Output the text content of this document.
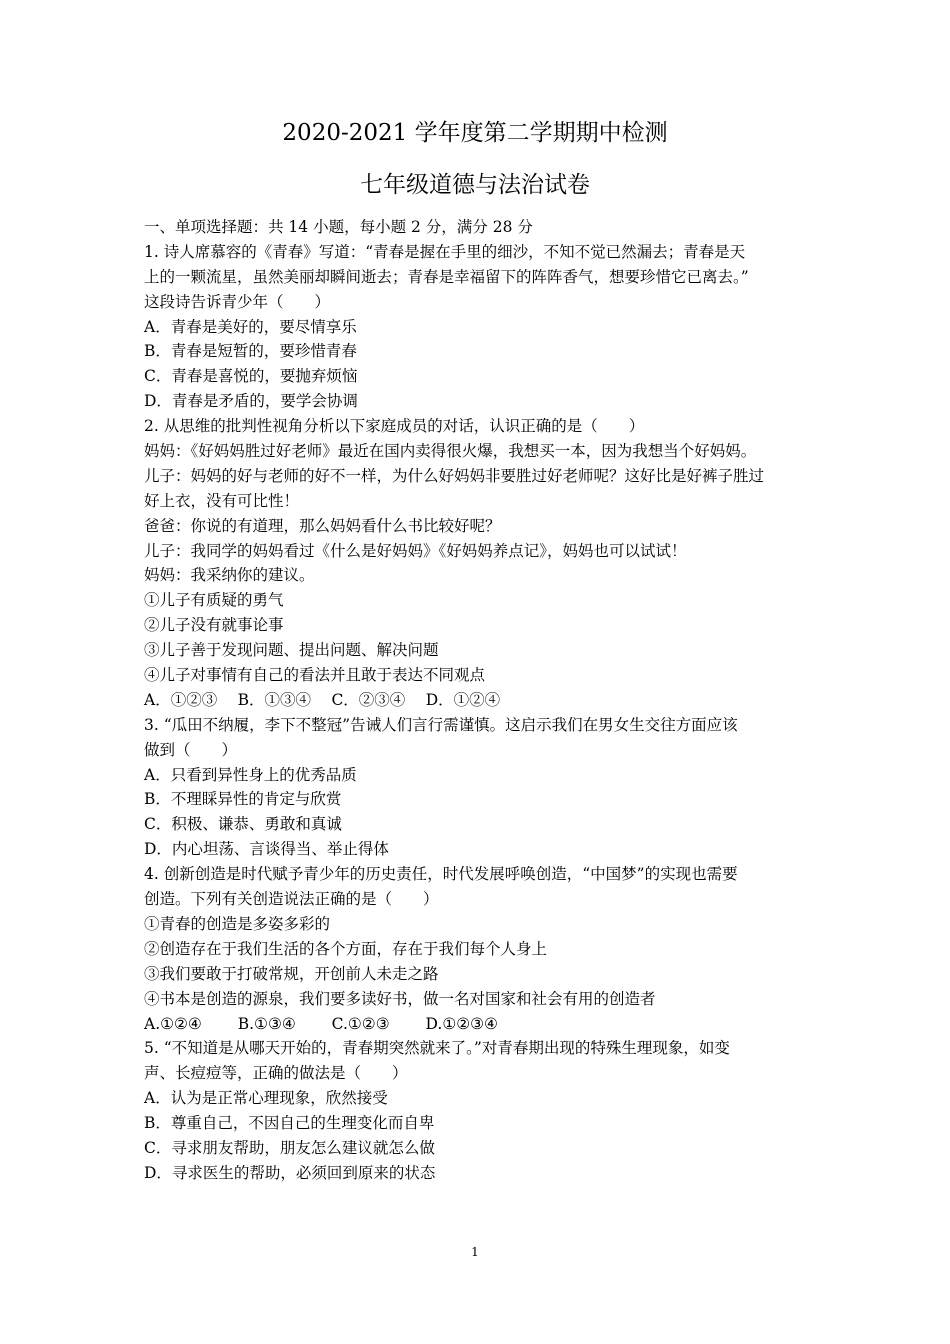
2020-2021 学年度第二学期期中检测
七年级道德与法治试卷
一、单项选择题：共 14 小题，每小题 2 分，满分 28 分
1. 诗人席慕容的《青春》写道：“青春是握在手里的细沙，不知不觉已然漏去；青春是天
上的一颗流星，虽然美丽却瞬间逝去；青春是幸福留下的阵阵香气，想要珍惜它已离去。”
这段诗告诉青少年（　　）
A．青春是美好的，要尽情享乐
B．青春是短暂的，要珍惜青春
C．青春是喜悦的，要抛弃烦恼
D．青春是矛盾的，要学会协调
2. 从思维的批判性视角分析以下家庭成员的对话，认识正确的是（　　）
妈妈：《好妈妈胜过好老师》最近在国内卖得很火爆，我想买一本，因为我想当个好妈妈。
儿子：妈妈的好与老师的好不一样，为什么好妈妈非要胜过好老师呢？这好比是好裤子胜过
好上衣，没有可比性！
爸爸：你说的有道理，那么妈妈看什么书比较好呢？
儿子：我同学的妈妈看过《什么是好妈妈》《好妈妈养点记》，妈妈也可以试试！
妈妈：我采纳你的建议。
①儿子有质疑的勇气
②儿子没有就事论事
③儿子善于发现问题、提出问题、解决问题
④儿子对事情有自己的看法并且敢于表达不同观点
A．①②③　 B．①③④　 C．②③④　 D．①②④
3. “瓜田不纳履，李下不整冠”告诫人们言行需谨慎。这启示我们在男女生交往方面应该
做到（　　）
A．只看到异性身上的优秀品质
B．不理睬异性的肯定与欣赏
C．积极、谦恭、勇敢和真诚
D．内心坦荡、言谈得当、举止得体
4. 创新创造是时代赋予青少年的历史责任，时代发展呼唤创造，“中国梦”的实现也需要
创造。下列有关创造说法正确的是（　　）
①青春的创造是多姿多彩的
②创造存在于我们生活的各个方面，存在于我们每个人身上
③我们要敢于打破常规，开创前人未走之路
④书本是创造的源泉，我们要多读好书，做一名对国家和社会有用的创造者
A.①②④　　 B.①③④　　 C.①②③　　 D.①②③④
5. “不知道是从哪天开始的，青春期突然就来了。”对青春期出现的特殊生理现象，如变
声、长痘痘等，正确的做法是（　　）
A．认为是正常心理现象，欣然接受
B．尊重自己，不因自己的生理变化而自卑
C．寻求朋友帮助，朋友怎么建议就怎么做
D．寻求医生的帮助，必须回到原来的状态
1
